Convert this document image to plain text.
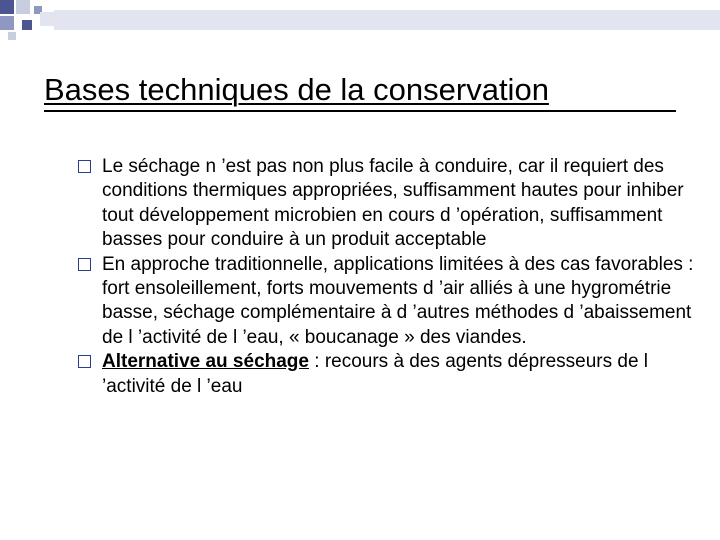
Bases techniques de la conservation
Le séchage n ’est pas non plus facile à conduire, car il requiert des conditions thermiques appropriées, suffisamment hautes pour inhiber tout développement microbien en cours d ’opération, suffisamment basses pour conduire à un produit acceptable
En approche traditionnelle, applications limitées à des cas favorables : fort ensoleillement, forts mouvements d ’air alliés à une hygrométrie basse, séchage complémentaire à d ’autres méthodes d ’abaissement de l ’activité de l ’eau, « boucanage » des viandes.
Alternative au séchage : recours à des agents dépresseurs de l ’activité de l ’eau
